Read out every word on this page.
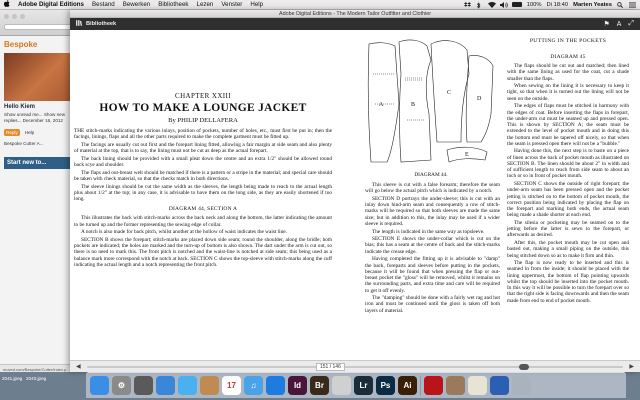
Adobe Digital Editions	Bestand	Bewerken	Bibliotheek	Lezen	Venster	Help	100% Di 18:40 Marten Yeates
Bespoke
Hello Kiem
Show unread me... Show new replies... December 16, 2012
Reply	Help
Bespoke Cutter A...
Start new to...
moved.com/Bespoke/Cutter/index.p...
Adobe Digital Editions - The Modern Tailor Outfitter and Clothier
Bibliotheek	⚑ A ⤢
CHAPTER XXIII
HOW TO MAKE A LOUNGE JACKET
By PHILIP DELLAFERA

THE stitch-marks indicating the various inlays, position of pockets, number of holes, etc., must first be put in; then the facings, linings, flaps and all the other parts required to make the complete garment must be fitted up.

The facings are usually cut out first and the forepart lining fitted, allowing a fair margin at side seam and also plenty of material at the top, that is to say, the lining must not be cut as deep as the actual forepart.

The back lining should be provided with a small pleat down the centre and an extra 1/2" should be allowed round back scye and shoulder.

The flaps and out-breast welt should be matched if there is a pattern or a stripe in the material; and special care should be taken with check material, so that the checks match in both directions.

The sleeve linings should be cut the same width as the sleeves, the length being made to reach to the actual length plus about 1/2" at the top; in any case, it is advisable to have them on the long side, as they are easily shortened if too long.

DIAGRAM 44, SECTION A

This illustrates the back with stitch-marks across the back neck and along the bottom, the latter indicating the amount to be turned up and the former representing the sewing edge of collar.

A notch is also made for back pitch, whilst another at the hollow of waist indicates the waist line.

SECTION B shows the forepart; stitch-marks are placed down side seam; round the shoulder, along the bridle; both pockets are indicated; the holes are marked and the turn-up of bottom is also shown. The dart under the arm is cut out, so there is no need to mark this. The front pitch is notched and the waist-line is notched at side seam; this being used as a balance mark more correspond with the notch at back. SECTION C shows the top-sleeve with stitch-marks along the cuff indicating the actual length and a notch representing the front pitch.

A	B
C
D
E
DIAGRAM 44.

This sleeve is cut with a false forearm; therefore the seam will go below the actual pitch which is indicated by a notch.

SECTION D portrays the under-sleeve; this is cut with an inlay down hind-arm seam and consequently a row of stitch-marks will be required so that both sleeves are made the same size; but in addition to this, the inlay may be used if a wider sleeve is required.

The length is indicated in the same way as topsleeve.

SECTION E shows the under-collar which is cut on the bias; this has a seam at the centre of back and the stitch-marks indicate the crease edge.

Having completed the fitting up it is advisable to "damp" the back, foreparts and sleeves before putting in the pockets, because it will be found that when pressing the flap or out-breast pocket the "gloss" will be removed, whilst it remains on the surrounding parts, and extra time and care will be required to get it off evenly.

The "damping" should be done with a fairly wet rag and hot iron and must be continued until the gloss is taken off both layers of material.

PUTTING IN THE POCKETS
DIAGRAM 45

The flaps should be cut out and matched; then lined with the same lining as used for the coat, cut a shade smaller than the flaps.

When sewing on the lining it is necessary to keep it tight, so that when it is turned out the lining will not be seen on the outside.

The edges of flaps must be stitched in harmony with the edges of coat. Before inserting the flaps in forepart, the under-arm cut must be seamed up and pressed open. This is shown by SECTION A; the seam must be extended to the level of pocket mouth and in doing this the bottom end must be tapered off nicely, so that when the seam is pressed open there will not be a "bubble."

Having done this, the next step is to baste on a piece of linen across the back of pocket mouth as illustrated on SECTION B. The linen should be about 2" in width and of sufficient length to reach from side seam to about an inch or so in front of pocket mouth.

SECTION C shows the outside of right forepart; the under-arm seam has been pressed open and the pocket jetting is stitched on to the bottom of pocket mouth, the correct position being indicated by placing the flap on the forepart and marking both ends, the actual seam being made a shade shorter at each end.

The silesia or pocketing may be seamed on to the jetting before the latter is sewn to the forepart, or afterwards as desired.

After this, the pocket mouth may be cut open and basted out, making a small piping on the outside, this being stitched down so as to make it firm and thin.

The flap is now ready to be inserted and this is seamed in from the inside; it should be placed with the lining uppermost, the bottom of flap pointing upwards whilst the top should be inserted into the pocket mouth. In this way it will be possible to turn the forepart over so that the right side is facing downwards and then the seam made from end to end of pocket mouth.

◀	▶
151 / 146
2041.jpeg 2040.jpeg
⚙	17	♫	Id	Br	Lr	Ps	Ai
